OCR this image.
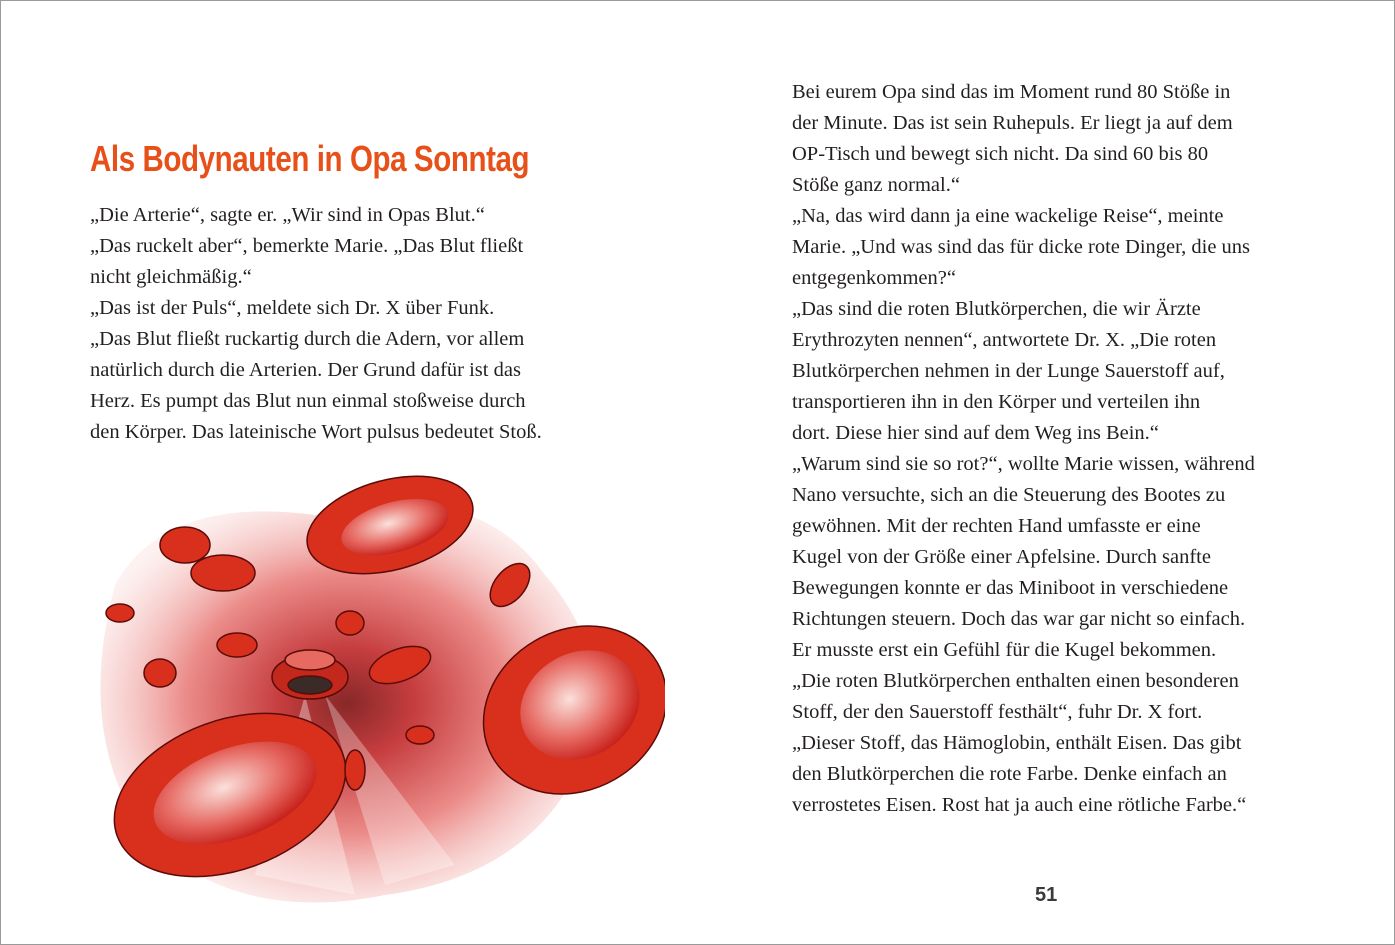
Als Bodynauten in Opa Sonntag
„Die Arterie“, sagte er. „Wir sind in Opas Blut.“
„Das ruckelt aber“, bemerkte Marie. „Das Blut fließt
nicht gleichmäßig.“
„Das ist der Puls“, meldete sich Dr. X über Funk.
„Das Blut fließt ruckartig durch die Adern, vor allem
natürlich durch die Arterien. Der Grund dafür ist das
Herz. Es pumpt das Blut nun einmal stoßweise durch
den Körper. Das lateinische Wort pulsus bedeutet Stoß.
Bei eurem Opa sind das im Moment rund 80 Stöße in
der Minute. Das ist sein Ruhepuls. Er liegt ja auf dem
OP-Tisch und bewegt sich nicht. Da sind 60 bis 80
Stöße ganz normal.“
„Na, das wird dann ja eine wackelige Reise“, meinte
Marie. „Und was sind das für dicke rote Dinger, die uns
entgegenkommen?“
„Das sind die roten Blutkörperchen, die wir Ärzte
Erythrozyten nennen“, antwortete Dr. X. „Die roten
Blutkörperchen nehmen in der Lunge Sauerstoff auf,
transportieren ihn in den Körper und verteilen ihn
dort. Diese hier sind auf dem Weg ins Bein.“
„Warum sind sie so rot?“, wollte Marie wissen, während
Nano versuchte, sich an die Steuerung des Bootes zu
gewöhnen. Mit der rechten Hand umfasste er eine
Kugel von der Größe einer Apfelsine. Durch sanfte
Bewegungen konnte er das Miniboot in verschiedene
Richtungen steuern. Doch das war gar nicht so einfach.
Er musste erst ein Gefühl für die Kugel bekommen.
„Die roten Blutkörperchen enthalten einen besonderen
Stoff, der den Sauerstoff festhält“, fuhr Dr. X fort.
„Dieser Stoff, das Hämoglobin, enthält Eisen. Das gibt
den Blutkörperchen die rote Farbe. Denke einfach an
verrostetes Eisen. Rost hat ja auch eine rötliche Farbe.“
51
